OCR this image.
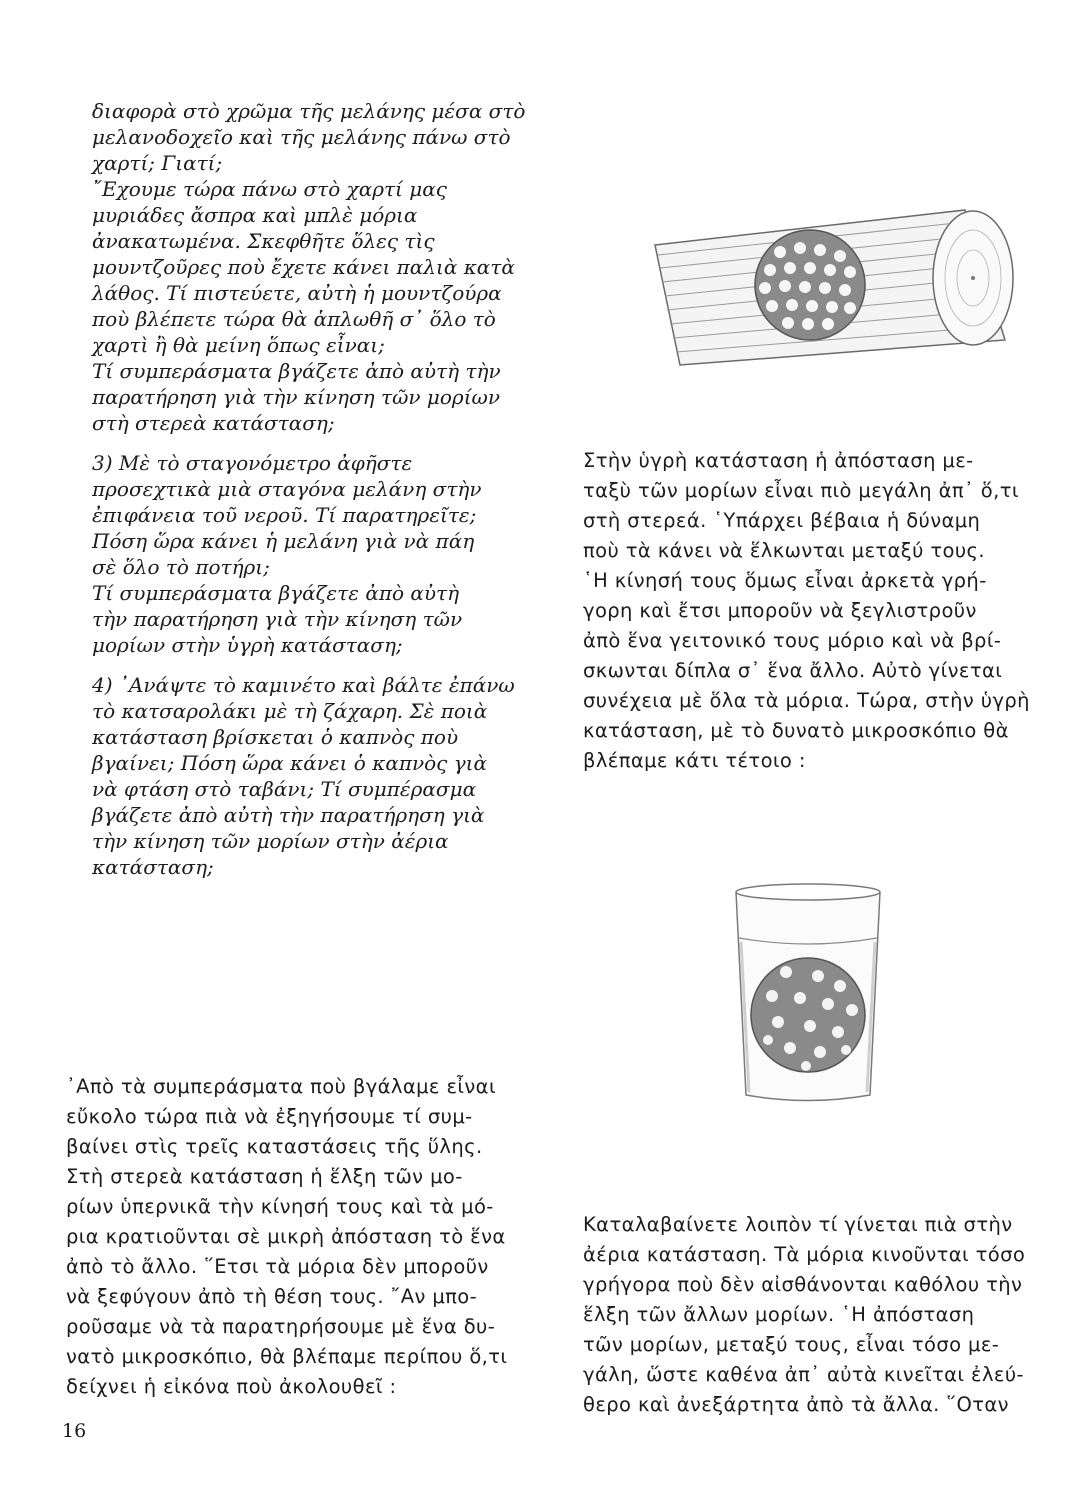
διαφορὰ στὸ χρῶμα τῆς μελάνης μέσα στὸ
μελανοδοχεῖο καὶ τῆς μελάνης πάνω στὸ
χαρτί; Γιατί;
῎Εχουμε τώρα πάνω στὸ χαρτί μας
μυριάδες ἄσπρα καὶ μπλὲ μόρια
ἀνακατωμένα. Σκεφθῆτε ὅλες τὶς
μουντζοῦρες ποὺ ἔχετε κάνει παλιὰ κατὰ
λάθος. Τί πιστεύετε, αὐτὴ ἡ μουντζούρα
ποὺ βλέπετε τώρα θὰ ἁπλωθῆ σ᾽ ὅλο τὸ
χαρτὶ ἢ θὰ μείνη ὅπως εἶναι;
Τί συμπεράσματα βγάζετε ἀπὸ αὐτὴ τὴν
παρατήρηση γιὰ τὴν κίνηση τῶν μορίων
στὴ στερεὰ κατάσταση;

3) Μὲ τὸ σταγονόμετρο ἀφῆστε
προσεχτικὰ μιὰ σταγόνα μελάνη στὴν
ἐπιφάνεια τοῦ νεροῦ. Τί παρατηρεῖτε;
Πόση ὥρα κάνει ἡ μελάνη γιὰ νὰ πάη
σὲ ὅλο τὸ ποτήρι;
Τί συμπεράσματα βγάζετε ἀπὸ αὐτὴ
τὴν παρατήρηση γιὰ τὴν κίνηση τῶν
μορίων στὴν ὑγρὴ κατάσταση;

4) ᾿Ανάψτε τὸ καμινέτο καὶ βάλτε ἐπάνω
τὸ κατσαρολάκι μὲ τὴ ζάχαρη. Σὲ ποιὰ
κατάσταση βρίσκεται ὁ καπνὸς ποὺ
βγαίνει; Πόση ὥρα κάνει ὁ καπνὸς γιὰ
νὰ φτάση στὸ ταβάνι; Τί συμπέρασμα
βγάζετε ἀπὸ αὐτὴ τὴν παρατήρηση γιὰ
τὴν κίνηση τῶν μορίων στὴν ἀέρια
κατάσταση;

᾿Απὸ τὰ συμπεράσματα ποὺ βγάλαμε εἶναι
εὔκολο τώρα πιὰ νὰ ἐξηγήσουμε τί συμ-
βαίνει στὶς τρεῖς καταστάσεις τῆς ὕλης.
Στὴ στερεὰ κατάσταση ἡ ἕλξη τῶν μο-
ρίων ὑπερνικᾶ τὴν κίνησή τους καὶ τὰ μό-
ρια κρατιοῦνται σὲ μικρὴ ἀπόσταση τὸ ἕνα
ἀπὸ τὸ ἄλλο. ῞Ετσι τὰ μόρια δὲν μποροῦν
νὰ ξεφύγουν ἀπὸ τὴ θέση τους. ῎Αν μπο-
ροῦσαμε νὰ τὰ παρατηρήσουμε μὲ ἕνα δυ-
νατὸ μικροσκόπιο, θὰ βλέπαμε περίπου ὅ,τι
δείχνει ἡ εἰκόνα ποὺ ἀκολουθεῖ :

Στὴν ὑγρὴ κατάσταση ἡ ἀπόσταση με-
ταξὺ τῶν μορίων εἶναι πιὸ μεγάλη ἀπ᾽ ὅ,τι
στὴ στερεά. ῾Υπάρχει βέβαια ἡ δύναμη
ποὺ τὰ κάνει νὰ ἕλκωνται μεταξύ τους.
῾Η κίνησή τους ὅμως εἶναι ἀρκετὰ γρή-
γορη καὶ ἔτσι μποροῦν νὰ ξεγλιστροῦν
ἀπὸ ἕνα γειτονικό τους μόριο καὶ νὰ βρί-
σκωνται δίπλα σ᾽ ἕνα ἄλλο. Αὐτὸ γίνεται
συνέχεια μὲ ὅλα τὰ μόρια. Τώρα, στὴν ὑγρὴ
κατάσταση, μὲ τὸ δυνατὸ μικροσκόπιο θὰ
βλέπαμε κάτι τέτοιο :

Καταλαβαίνετε λοιπὸν τί γίνεται πιὰ στὴν
ἀέρια κατάσταση. Τὰ μόρια κινοῦνται τόσο
γρήγορα ποὺ δὲν αἰσθάνονται καθόλου τὴν
ἕλξη τῶν ἄλλων μορίων. ῾Η ἀπόσταση
τῶν μορίων, μεταξύ τους, εἶναι τόσο με-
γάλη, ὥστε καθένα ἀπ᾽ αὐτὰ κινεῖται ἐλεύ-
θερο καὶ ἀνεξάρτητα ἀπὸ τὰ ἄλλα. ῞Οταν

16
